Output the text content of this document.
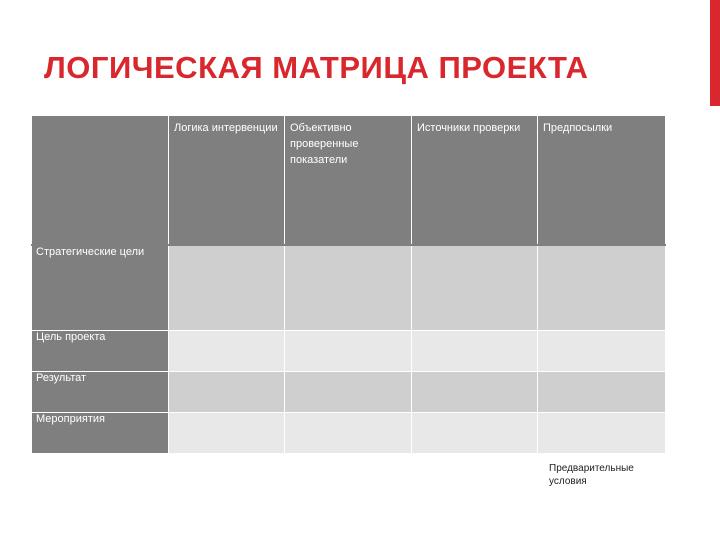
ЛОГИЧЕСКАЯ МАТРИЦА ПРОЕКТА

	Логика интервенции	Объективно проверенные показатели	Источники проверки	Предпосылки

Стратегические цели				

Цель проекта				

Результат				

Мероприятия				

Предварительные условия
